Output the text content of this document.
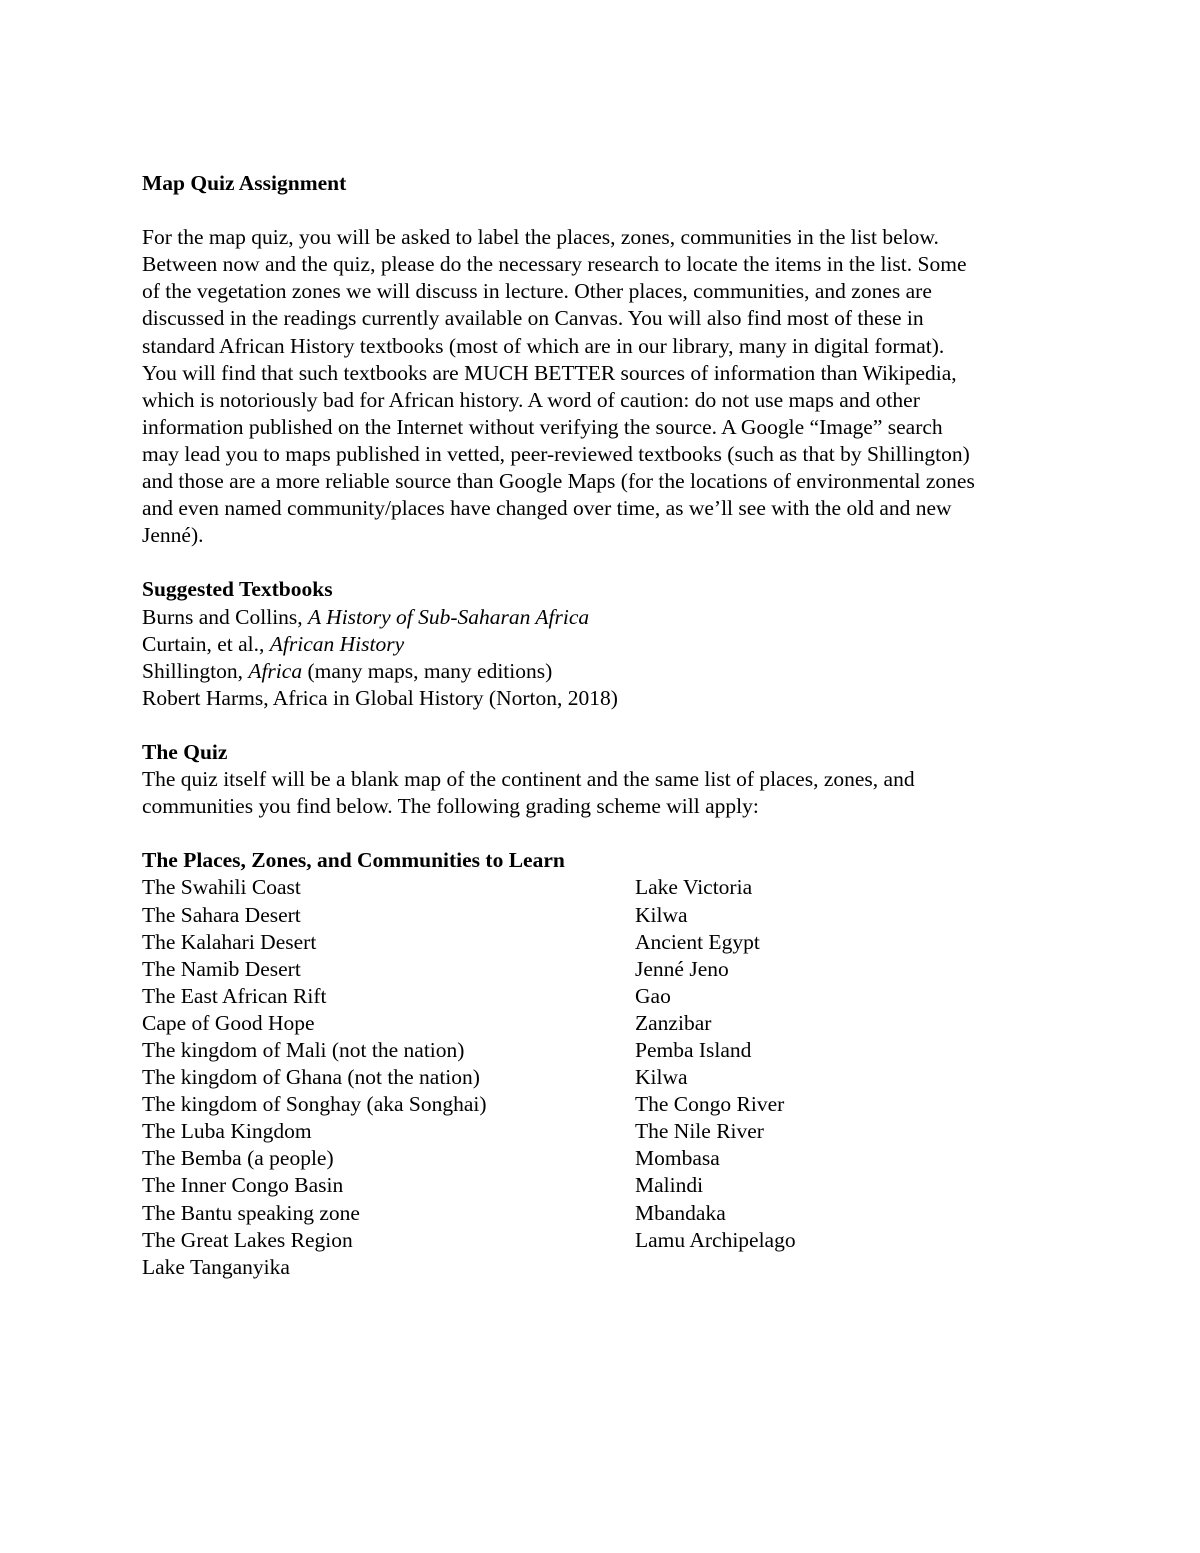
Map Quiz Assignment

For the map quiz, you will be asked to label the places, zones, communities in the list below.
Between now and the quiz, please do the necessary research to locate the items in the list. Some
of the vegetation zones we will discuss in lecture. Other places, communities, and zones are
discussed in the readings currently available on Canvas. You will also find most of these in
standard African History textbooks (most of which are in our library, many in digital format).
You will find that such textbooks are MUCH BETTER sources of information than Wikipedia,
which is notoriously bad for African history. A word of caution: do not use maps and other
information published on the Internet without verifying the source. A Google “Image” search
may lead you to maps published in vetted, peer-reviewed textbooks (such as that by Shillington)
and those are a more reliable source than Google Maps (for the locations of environmental zones
and even named community/places have changed over time, as we’ll see with the old and new
Jenné).

Suggested Textbooks
Burns and Collins, A History of Sub-Saharan Africa
Curtain, et al., African History
Shillington, Africa (many maps, many editions)
Robert Harms, Africa in Global History (Norton, 2018)
The Quiz

The quiz itself will be a blank map of the continent and the same list of places, zones, and
communities you find below. The following grading scheme will apply:

The Places, Zones, and Communities to Learn
The Swahili Coast	Lake Victoria
The Sahara Desert	Kilwa
The Kalahari Desert	Ancient Egypt
The Namib Desert	Jenné Jeno
The East African Rift	Gao
Cape of Good Hope	Zanzibar
The kingdom of Mali (not the nation)	Pemba Island
The kingdom of Ghana (not the nation)	Kilwa
The kingdom of Songhay (aka Songhai)	The Congo River
The Luba Kingdom	The Nile River
The Bemba (a people)	Mombasa
The Inner Congo Basin	Malindi
The Bantu speaking zone	Mbandaka
The Great Lakes Region	Lamu Archipelago
Lake Tanganyika
